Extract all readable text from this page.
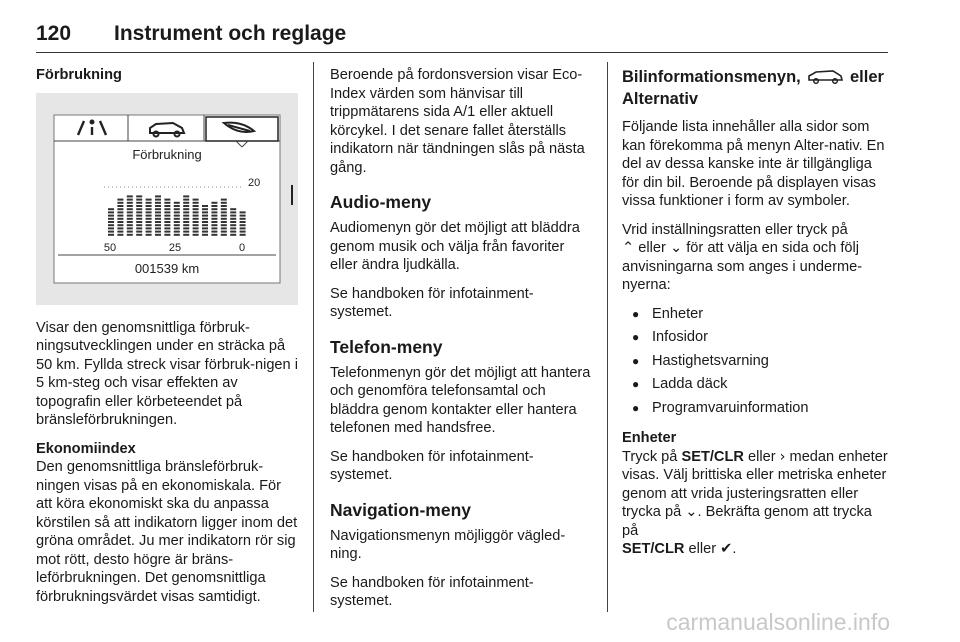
120 Instrument och reglage
Förbrukning
Förbrukning
20
50	25	0
001539 km

Visar den genomsnittliga förbruk-ningsutvecklingen under en sträcka på 50 km. Fyllda streck visar förbruk-nigen i 5 km-steg och visar effekten av topografin eller körbeteendet på bränsleförbrukningen.

Ekonomiindex

Den genomsnittliga bränsleförbruk-ningen visas på en ekonomiskala. För att köra ekonomiskt ska du anpassa körstilen så att indikatorn ligger inom det gröna området. Ju mer indikatorn rör sig mot rött, desto högre är bräns-leförbrukningen. Det genomsnittliga förbrukningsvärdet visas samtidigt.

Beroende på fordonsversion visar Eco-Index värden som hänvisar till trippmätarens sida A/1 eller aktuell körcykel. I det senare fallet återställs indikatorn när tändningen slås på nästa gång.

Audio-meny

Audiomenyn gör det möjligt att bläddra genom musik och välja från favoriter eller ändra ljudkälla.

Se handboken för infotainment-systemet.

Telefon-meny

Telefonmenyn gör det möjligt att hantera och genomföra telefonsamtal och bläddra genom kontakter eller hantera telefonen med handsfree.

Se handboken för infotainment-systemet.

Navigation-meny

Navigationsmenyn möjliggör vägled-ning.

Se handboken för infotainment-systemet.

Bilinformationsmenyn,	eller
Alternativ

Följande lista innehåller alla sidor som kan förekomma på menyn Alter-nativ. En del av dessa kanske inte är tillgängliga för din bil. Beroende på displayen visas vissa funktioner i form av symboler.

Vrid inställningsratten eller tryck på
⌃ eller ⌄ för att välja en sida och följ anvisningarna som anges i underme-nyerna:

● Enheter
● Infosidor
● Hastighetsvarning
● Ladda däck
● Programvaruinformation
Enheter

Tryck på SET/CLR eller › medan enheter visas. Välj brittiska eller metriska enheter genom att vrida justeringsratten eller trycka på ⌄. Bekräfta genom att trycka på
SET/CLR eller ✔.

carmanualsonline.info
